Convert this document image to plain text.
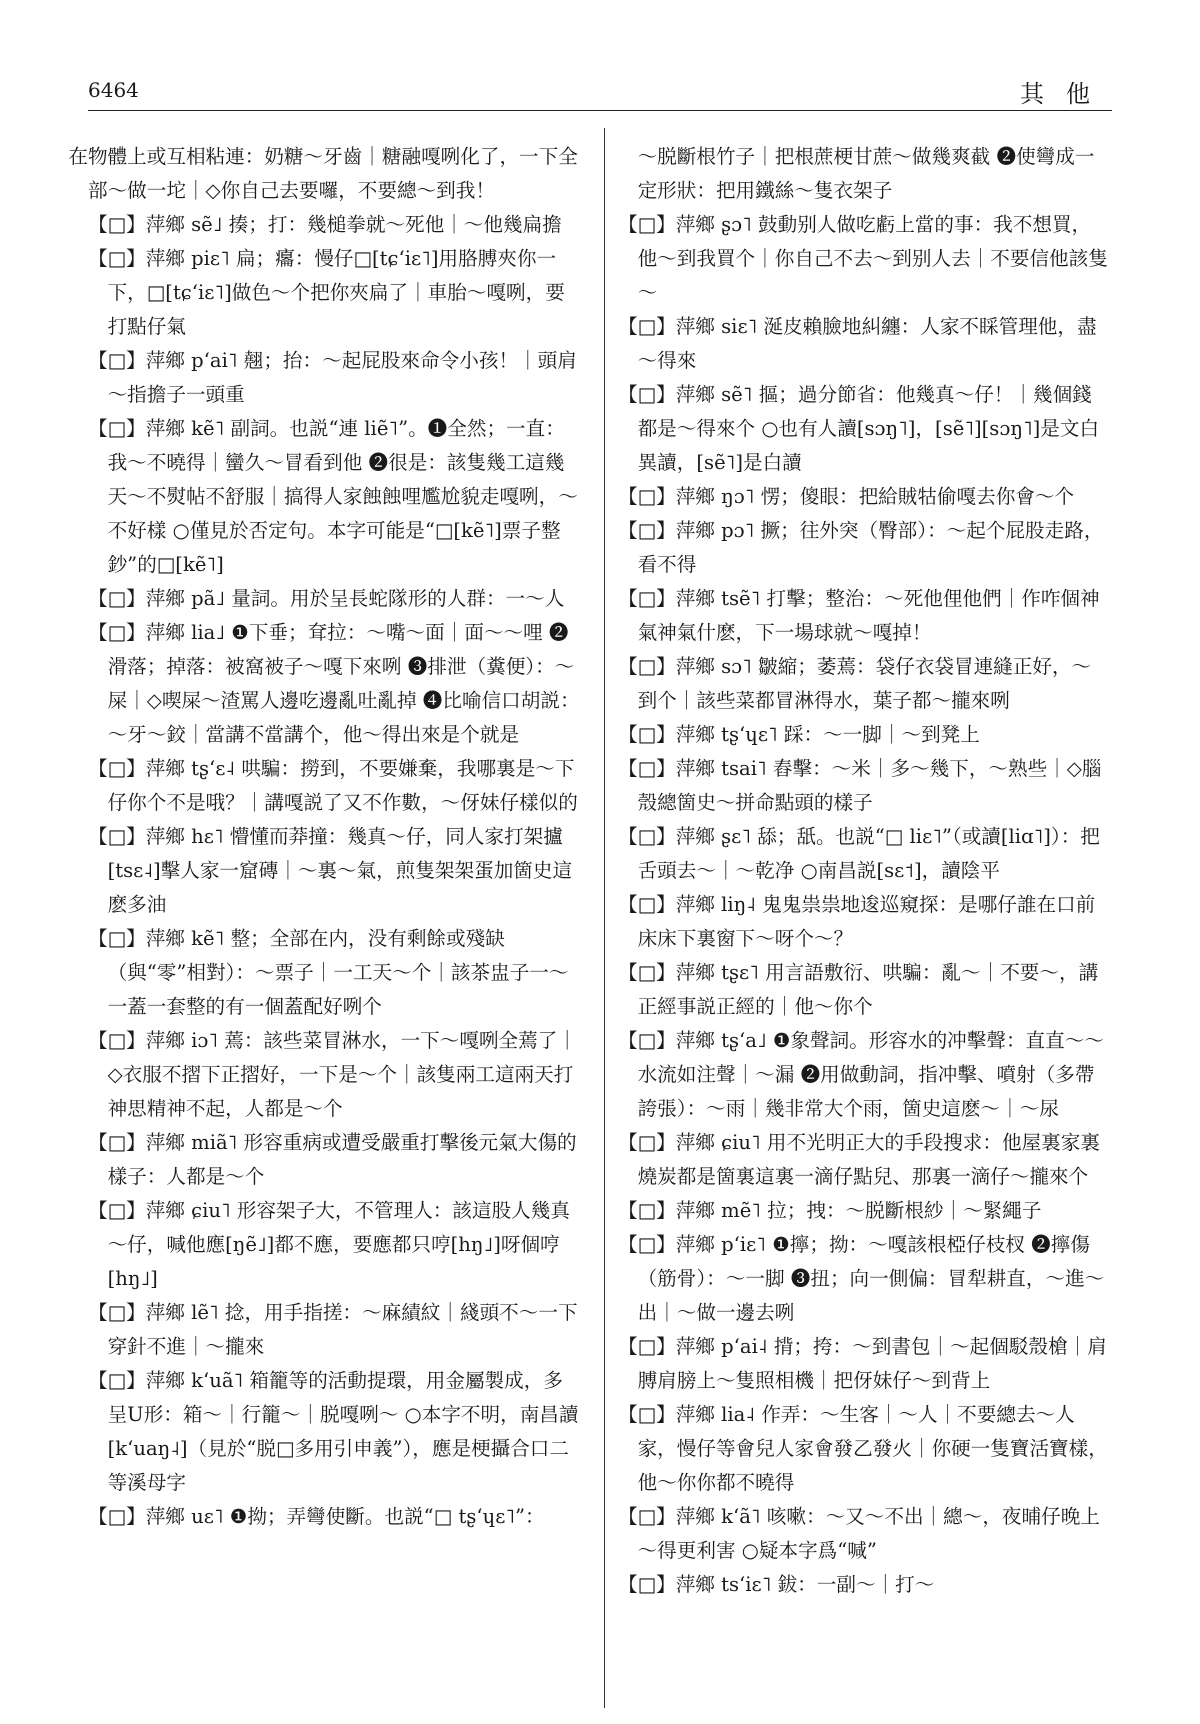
6464	其他

在物體上或互相粘連：奶糖～牙齒｜糖融嘎咧化了，一下全部～做一坨｜◇你自己去要囉，不要總～到我！

【□】萍鄉 sẽ˩ 揍；打：幾槌拳就～死他｜～他幾扁擔

【□】萍鄉 piɛ˥ 扁；癟：慢仔□[tɕʻiɛ˥]用胳膊夾你一下，□[tɕʻiɛ˥]做色～个把你夾扁了｜車胎～嘎咧，要打點仔氣

【□】萍鄉 pʻai˥ 翹；抬：～起屁股來命令小孩！｜頭肩～指擔子一頭重

【□】萍鄉 kẽ˥ 副詞。也説“連 liẽ˥”。❶全然；一直：我～不曉得｜蠻久～冒看到他 ❷很是：該隻幾工這幾天～不熨帖不舒服｜搞得人家蝕蝕哩尷尬貌走嘎咧，～不好樣 ○僅見於否定句。本字可能是“□[kẽ˥]票子整鈔”的□[kẽ˥]

【□】萍鄉 pã˩ 量詞。用於呈長蛇隊形的人群：一～人

【□】萍鄉 lia˩ ❶下垂；耷拉：～嘴～面｜面～～哩 ❷滑落；掉落：被窩被子～嘎下來咧 ❸排泄（糞便）：～屎｜◇喫屎～渣罵人邊吃邊亂吐亂掉 ❹比喻信口胡説：～牙～鉸｜當講不當講个，他～得出來是个就是

【□】萍鄉 tʂʻɛ˨ 哄騙：撈到，不要嫌棄，我哪裏是～下仔你个不是哦？｜講嘎説了又不作數，～伢妹仔樣似的

【□】萍鄉 hɛ˥ 懵懂而莽撞：幾真～仔，同人家打架攎[tsɛ˨]擊人家一窟磚｜～裏～氣，煎隻架架蛋加箇史這麽多油

【□】萍鄉 kẽ˥ 整；全部在内，没有剩餘或殘缺（與“零”相對）：～票子｜一工天～个｜該茶盅子一～一蓋一套整的有一個蓋配好咧个

【□】萍鄉 iɔ˥ 蔫：該些菜冒淋水，一下～嘎咧全蔫了｜◇衣服不摺下正摺好，一下是～个｜該隻兩工這兩天打神思精神不起，人都是～个

【□】萍鄉 miã˥ 形容重病或遭受嚴重打擊後元氣大傷的樣子：人都是～个

【□】萍鄉 ɕiu˥ 形容架子大，不管理人：該這股人幾真～仔，喊他應[ŋẽ˩]都不應，要應都只哼[hŋ˩]呀個哼[hŋ˩]

【□】萍鄉 lẽ˥ 捻，用手指搓：～麻績紋｜綫頭不～一下穿針不進｜～攏來

【□】萍鄉 kʻuã˥ 箱籠等的活動提環，用金屬製成，多呈U形：箱～｜行籠～｜脱嘎咧～ ○本字不明，南昌讀[kʻuaŋ˨]（見於“脱□多用引申義”），應是梗攝合口二等溪母字

【□】萍鄉 uɛ˥ ❶拗；弄彎使斷。也説“□ tʂʻɥɛ˥”：

～脱斷根竹子｜把根蔗梗甘蔗～做幾爽截 ❷使彎成一定形狀：把用鐵絲～隻衣架子

【□】萍鄉 ʂɔ˥ 鼓動别人做吃虧上當的事：我不想買，他～到我買个｜你自己不去～到别人去｜不要信他該隻～

【□】萍鄉 siɛ˥ 涎皮賴臉地糾纏：人家不睬管理他，盡～得來

【□】萍鄉 sẽ˥ 摳；過分節省：他幾真～仔！｜幾個錢都是～得來个 ○也有人讀[sɔŋ˥]，[sẽ˥][sɔŋ˥]是文白異讀，[sẽ˥]是白讀

【□】萍鄉 ŋɔ˥ 愣；傻眼：把給賊牯偷嘎去你會～个

【□】萍鄉 pɔ˥ 撅；往外突（臀部）：～起个屁股走路，看不得

【□】萍鄉 tsẽ˥ 打擊；整治：～死他俚他們｜作咋個神氣神氣什麽，下一場球就～嘎掉！

【□】萍鄉 sɔ˥ 皺縮；萎蔫：袋仔衣袋冒連縫正好，～到个｜該些菜都冒淋得水，葉子都～攏來咧

【□】萍鄉 tʂʻɥɛ˥ 踩：～一脚｜～到凳上

【□】萍鄉 tsai˥ 舂擊：～米｜多～幾下，～熟些｜◇腦殼總箇史～拼命點頭的樣子

【□】萍鄉 ʂɛ˥ 舔；舐。也説“□ liɛ˥”（或讀[liɑ˥]）：把舌頭去～｜～乾净 ○南昌説[sɛ˦]，讀陰平

【□】萍鄉 liŋ˨ 鬼鬼祟祟地逡巡窺探：是哪仔誰在口前床床下裏窗下～呀个～？

【□】萍鄉 tʂɛ˥ 用言語敷衍、哄騙：亂～｜不要～，講正經事説正經的｜他～你个

【□】萍鄉 tʂʻa˩ ❶象聲詞。形容水的冲擊聲：直直～～水流如注聲｜～漏 ❷用做動詞，指冲擊、噴射（多帶誇張）：～雨｜幾非常大个雨，箇史這麽～｜～尿

【□】萍鄉 ɕiu˥ 用不光明正大的手段搜求：他屋裏家裏燒炭都是箇裏這裏一滴仔點兒、那裏一滴仔～攏來个

【□】萍鄉 mẽ˥ 拉；拽：～脱斷根紗｜～緊繩子

【□】萍鄉 pʻiɛ˥ ❶擰；拗：～嘎該根椏仔枝杈 ❷擰傷（筋骨）：～一脚 ❸扭；向一側偏：冒犁耕直，～進～出｜～做一邊去咧

【□】萍鄉 pʻai˨ 揹；挎：～到書包｜～起個駁殼槍｜肩膊肩膀上～隻照相機｜把伢妹仔～到背上

【□】萍鄉 lia˨ 作弄：～生客｜～人｜不要總去～人家，慢仔等會兒人家會發乙發火｜你硬一隻寶活寶樣，他～你你都不曉得

【□】萍鄉 kʻã˥ 咳嗽：～又～不出｜總～，夜晡仔晚上～得更利害 ○疑本字爲“喊”

【□】萍鄉 tsʻiɛ˥ 鈸：一副～｜打～
